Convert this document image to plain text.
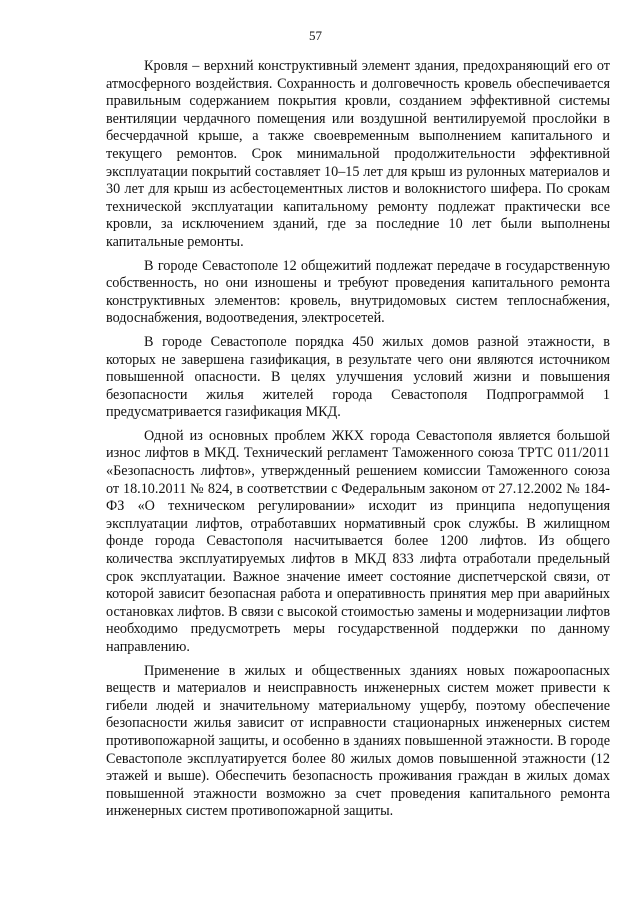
57

Кровля – верхний конструктивный элемент здания, предохраняющий его от атмосферного воздействия. Сохранность и долговечность кровель обеспечивается правильным содержанием покрытия кровли, созданием эффективной системы вентиляции чердачного помещения или воздушной вентилируемой прослойки в бесчердачной крыше, а также своевременным выполнением капитального и текущего ремонтов. Срок минимальной продолжительности эффективной эксплуатации покрытий составляет 10–15 лет для крыш из рулонных материалов и 30 лет для крыш из асбестоцементных листов и волокнистого шифера. По срокам технической эксплуатации капитальному ремонту подлежат практически все кровли, за исключением зданий, где за последние 10 лет были выполнены капитальные ремонты.

В городе Севастополе 12 общежитий подлежат передаче в государственную собственность, но они изношены и требуют проведения капитального ремонта конструктивных элементов: кровель, внутридомовых систем теплоснабжения, водоснабжения, водоотведения, электросетей.

В городе Севастополе порядка 450 жилых домов разной этажности, в которых не завершена газификация, в результате чего они являются источником повышенной опасности. В целях улучшения условий жизни и повышения безопасности жилья жителей города Севастополя Подпрограммой 1 предусматривается газификация МКД.

Одной из основных проблем ЖКХ города Севастополя является большой износ лифтов в МКД. Технический регламент Таможенного союза ТРТС 011/2011 «Безопасность лифтов», утвержденный решением комиссии Таможенного союза от 18.10.2011 № 824, в соответствии с Федеральным законом от 27.12.2002 № 184-ФЗ «О техническом регулировании» исходит из принципа недопущения эксплуатации лифтов, отработавших нормативный срок службы. В жилищном фонде города Севастополя насчитывается более 1200 лифтов. Из общего количества эксплуатируемых лифтов в МКД 833 лифта отработали предельный срок эксплуатации. Важное значение имеет состояние диспетчерской связи, от которой зависит безопасная работа и оперативность принятия мер при аварийных остановках лифтов. В связи с высокой стоимостью замены и модернизации лифтов необходимо предусмотреть меры государственной поддержки по данному направлению.

Применение в жилых и общественных зданиях новых пожароопасных веществ и материалов и неисправность инженерных систем может привести к гибели людей и значительному материальному ущербу, поэтому обеспечение безопасности жилья зависит от исправности стационарных инженерных систем противопожарной защиты, и особенно в зданиях повышенной этажности. В городе Севастополе эксплуатируется более 80 жилых домов повышенной этажности (12 этажей и выше). Обеспечить безопасность проживания граждан в жилых домах повышенной этажности возможно за счет проведения капитального ремонта инженерных систем противопожарной защиты.
